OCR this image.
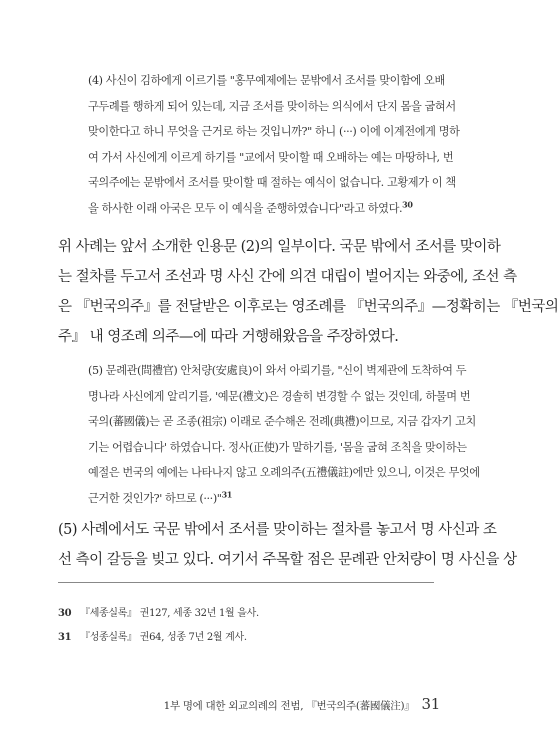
(4) 사신이 김하에게 이르기를 "홍무예제에는 문밖에서 조서를 맞이함에 오배
구두례를 행하게 되어 있는데, 지금 조서를 맞이하는 의식에서 단지 몸을 굽혀서
맞이한다고 하니 무엇을 근거로 하는 것입니까?" 하니 (···) 이에 이계전에게 명하
여 가서 사신에게 이르게 하기를 "교에서 맞이할 때 오배하는 예는 마땅하나, 번
국의주에는 문밖에서 조서를 맞이할 때 절하는 예식이 없습니다. 고황제가 이 책
을 하사한 이래 아국은 모두 이 예식을 준행하였습니다"라고 하였다.$^{30}$
위 사례는 앞서 소개한 인용문 (2)의 일부이다. 국문 밖에서 조서를 맞이하
는 절차를 두고서 조선과 명 사신 간에 의견 대립이 벌어지는 와중에, 조선 측
은 『번국의주』를 전달받은 이후로는 영조례를 『번국의주』—정확히는 『번국의
주』 내 영조례 의주—에 따라 거행해왔음을 주장하였다.
(5) 문례관(問禮官) 안처량(安處良)이 와서 아뢰기를, "신이 벽제관에 도착하여 두
명나라 사신에게 알리기를, '예문(禮文)은 경솔히 변경할 수 없는 것인데, 하물며 번
국의(蕃國儀)는 곧 조종(祖宗) 이래로 준수해온 전례(典禮)이므로, 지금 갑자기 고치
기는 어렵습니다' 하였습니다. 정사(正使)가 말하기를, '몸을 굽혀 조칙을 맞이하는
예절은 번국의 예에는 나타나지 않고 오례의주(五禮儀註)에만 있으니, 이것은 무엇에
근거한 것인가?' 하므로 (···)"$^{31}$
(5) 사례에서도 국문 밖에서 조서를 맞이하는 절차를 놓고서 명 사신과 조
선 측이 갈등을 빚고 있다. 여기서 주목할 점은 문례관 안처량이 명 사신을 상
30 『세종실록』 권127, 세종 32년 1월 을사.
31 『성종실록』 권64, 성종 7년 2월 계사.
1부 명에 대한 외교의례의 전범, 『번국의주(蕃國儀注)』 31
